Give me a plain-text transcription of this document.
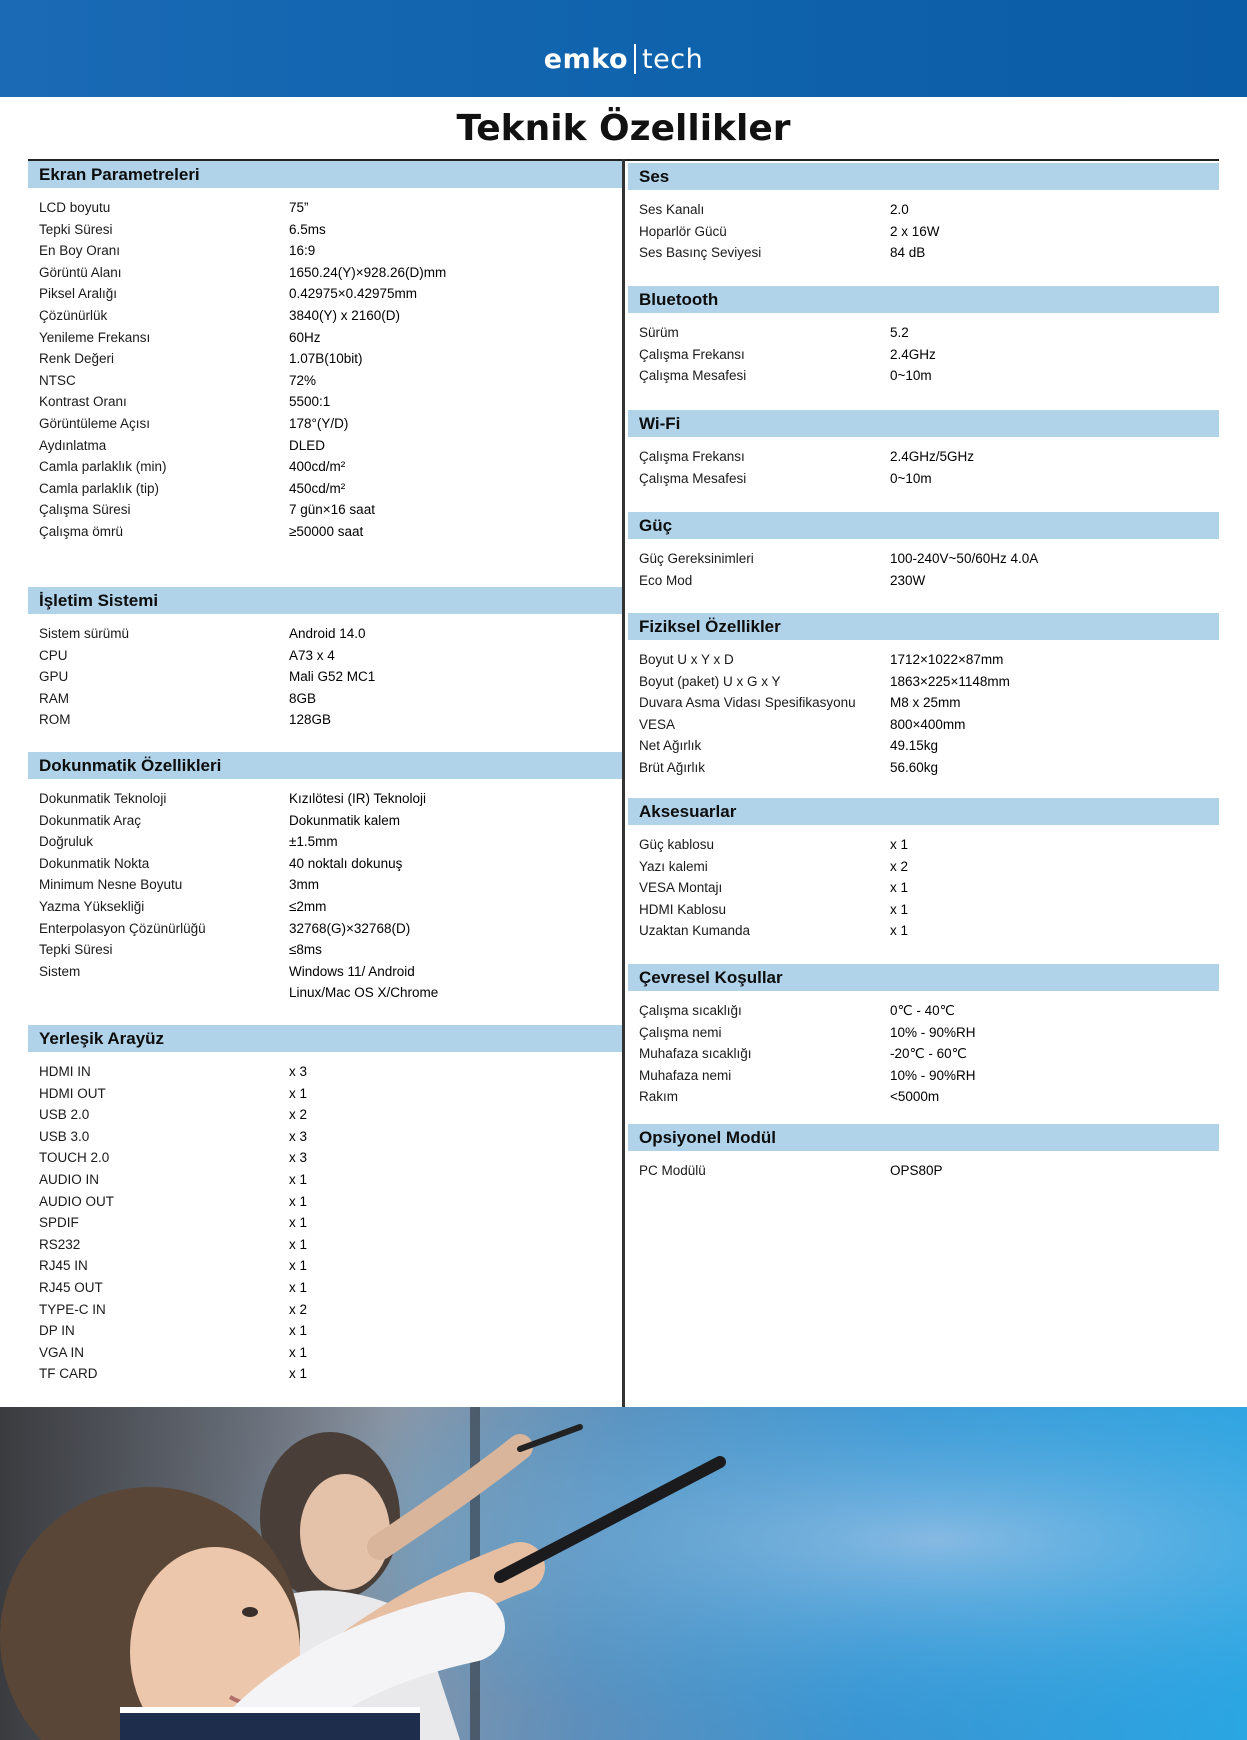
emko tech
Teknik Özellikler
Ekran Parametreleri
LCD boyutu	75”
Tepki Süresi	6.5ms
En Boy Oranı	16:9
Görüntü Alanı	1650.24(Y)×928.26(D)mm
Piksel Aralığı	0.42975×0.42975mm
Çözünürlük	3840(Y) x 2160(D)
Yenileme Frekansı	60Hz
Renk Değeri	1.07B(10bit)
NTSC	72%
Kontrast Oranı	5500:1
Görüntüleme Açısı	178°(Y/D)
Aydınlatma	DLED
Camla parlaklık (min)	400cd/m²
Camla parlaklık (tip)	450cd/m²
Çalışma Süresi	7 gün×16 saat
Çalışma ömrü	≥50000 saat
İşletim Sistemi
Sistem sürümü	Android 14.0
CPU	A73 x 4
GPU	Mali G52 MC1
RAM	8GB
ROM	128GB
Dokunmatik Özellikleri
Dokunmatik Teknoloji	Kızılötesi (IR) Teknoloji
Dokunmatik Araç	Dokunmatik kalem
Doğruluk	±1.5mm
Dokunmatik Nokta	40 noktalı dokunuş
Minimum Nesne Boyutu	3mm
Yazma Yüksekliği	≤2mm
Enterpolasyon Çözünürlüğü	32768(G)×32768(D)
Tepki Süresi	≤8ms
Sistem	Windows 11/ Android
Linux/Mac OS X/Chrome
Yerleşik Arayüz
HDMI IN	x 3
HDMI OUT	x 1
USB 2.0	x 2
USB 3.0	x 3
TOUCH 2.0	x 3
AUDIO IN	x 1
AUDIO OUT	x 1
SPDIF	x 1
RS232	x 1
RJ45 IN	x 1
RJ45 OUT	x 1
TYPE-C IN	x 2
DP IN	x 1
VGA IN	x 1
TF CARD	x 1
Ses
Ses Kanalı	2.0
Hoparlör Gücü	2 x 16W
Ses Basınç Seviyesi	84 dB
Bluetooth
Sürüm	5.2
Çalışma Frekansı	2.4GHz
Çalışma Mesafesi	0~10m
Wi-Fi
Çalışma Frekansı	2.4GHz/5GHz
Çalışma Mesafesi	0~10m
Güç
Güç Gereksinimleri	100-240V~50/60Hz 4.0A
Eco Mod	230W
Fiziksel Özellikler
Boyut U x Y x D	1712×1022×87mm
Boyut (paket) U x G x Y	1863×225×1148mm
Duvara Asma Vidası Spesifikasyonu	M8 x 25mm
VESA	800×400mm
Net Ağırlık	49.15kg
Brüt Ağırlık	56.60kg
Aksesuarlar
Güç kablosu	x 1
Yazı kalemi	x 2
VESA Montajı	x 1
HDMI Kablosu	x 1
Uzaktan Kumanda	x 1
Çevresel Koşullar
Çalışma sıcaklığı	0℃ - 40℃
Çalışma nemi	10% - 90%RH
Muhafaza sıcaklığı	-20℃ - 60℃
Muhafaza nemi	10% - 90%RH
Rakım	<5000m
Opsiyonel Modül
PC Modülü	OPS80P
